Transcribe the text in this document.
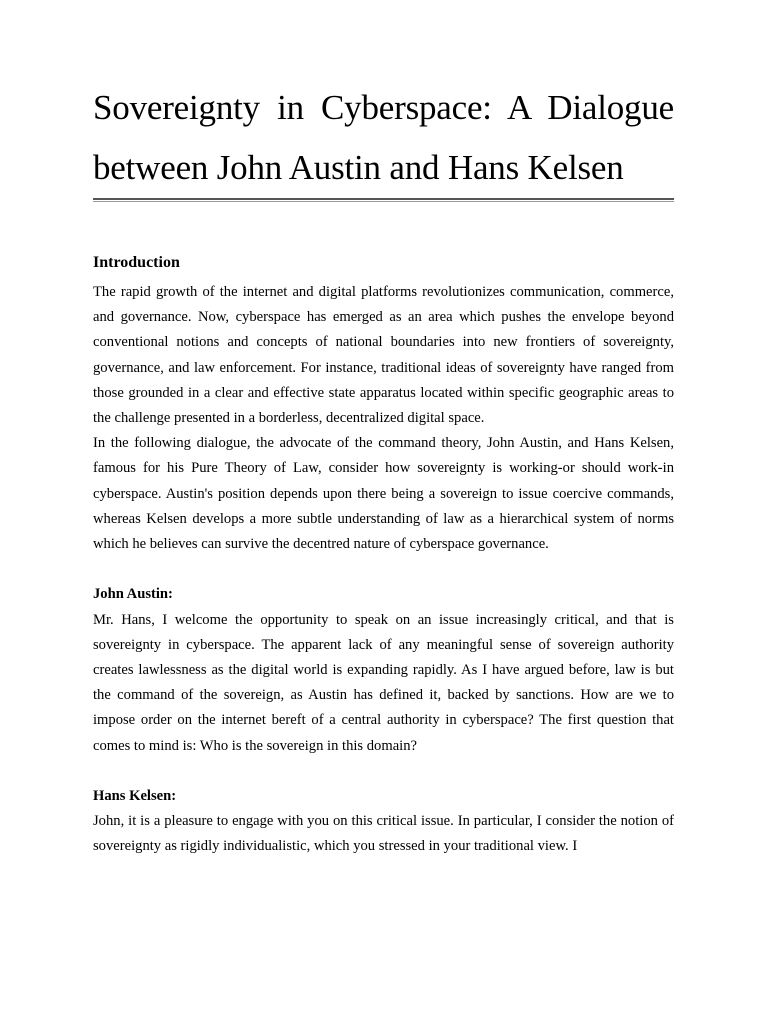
Sovereignty in Cyberspace: A Dialogue between John Austin and Hans Kelsen
Introduction

The rapid growth of the internet and digital platforms revolutionizes communication, commerce, and governance. Now, cyberspace has emerged as an area which pushes the envelope beyond conventional notions and concepts of national boundaries into new frontiers of sovereignty, governance, and law enforcement. For instance, traditional ideas of sovereignty have ranged from those grounded in a clear and effective state apparatus located within specific geographic areas to the challenge presented in a borderless, decentralized digital space.

In the following dialogue, the advocate of the command theory, John Austin, and Hans Kelsen, famous for his Pure Theory of Law, consider how sovereignty is working-or should work-in cyberspace. Austin's position depends upon there being a sovereign to issue coercive commands, whereas Kelsen develops a more subtle understanding of law as a hierarchical system of norms which he believes can survive the decentred nature of cyberspace governance.

John Austin:

Mr. Hans, I welcome the opportunity to speak on an issue increasingly critical, and that is sovereignty in cyberspace. The apparent lack of any meaningful sense of sovereign authority creates lawlessness as the digital world is expanding rapidly. As I have argued before, law is but the command of the sovereign, as Austin has defined it, backed by sanctions. How are we to impose order on the internet bereft of a central authority in cyberspace? The first question that comes to mind is: Who is the sovereign in this domain?

Hans Kelsen:

John, it is a pleasure to engage with you on this critical issue. In particular, I consider the notion of sovereignty as rigidly individualistic, which you stressed in your traditional view. I
